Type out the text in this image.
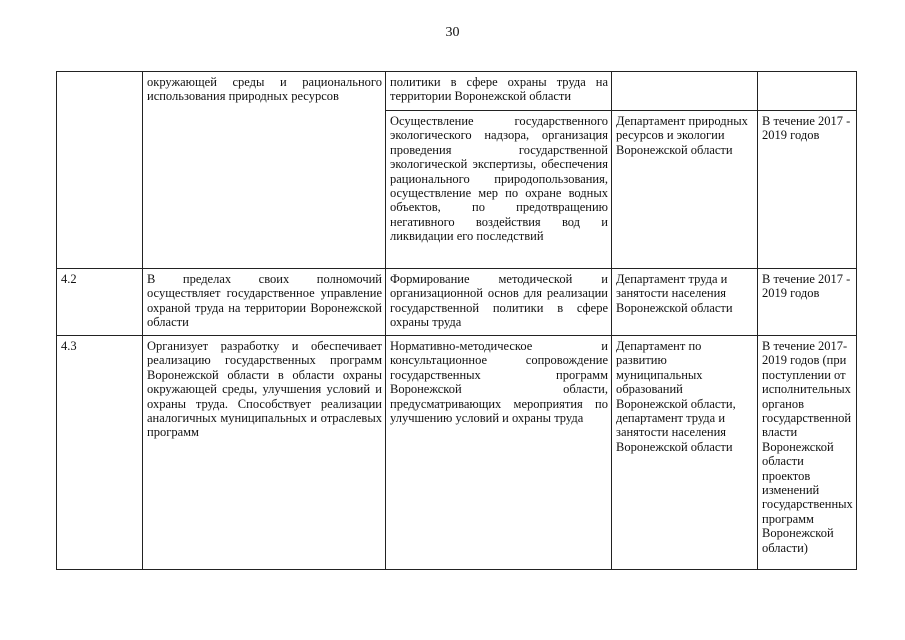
30
	окружающей среды и рационального использования природных ресурсов	политики в сфере охраны труда на территории Воронежской области		
		Осуществление государственного экологического надзора, организация проведения государственной экологической экспертизы, обеспечения рационального природопользования, осуществление мер по охране водных объектов, по предотвращению негативного воздействия вод и ликвидации его последствий	Департамент природных ресурсов и экологии Воронежской области	В течение 2017 - 2019 годов
4.2	В пределах своих полномочий осуществляет государственное управление охраной труда на территории Воронежской области	Формирование методической и организационной основ для реализации государственной политики в сфере охраны труда	Департамент труда и занятости населения Воронежской области	В течение 2017 - 2019 годов
4.3	Организует разработку и обеспечивает реализацию государственных программ Воронежской области в области охраны окружающей среды, улучшения условий и охраны труда. Способствует реализации аналогичных муниципальных и отраслевых программ	Нормативно-методическое и консультационное сопровождение государственных программ Воронежской области, предусматривающих мероприятия по улучшению условий и охраны труда	Департамент по развитию муниципальных образований Воронежской области, департамент труда и занятости населения Воронежской области	В течение 2017-2019 годов (при поступлении от исполнительных органов государственной власти Воронежской области проектов изменений государственных программ Воронежской области)
